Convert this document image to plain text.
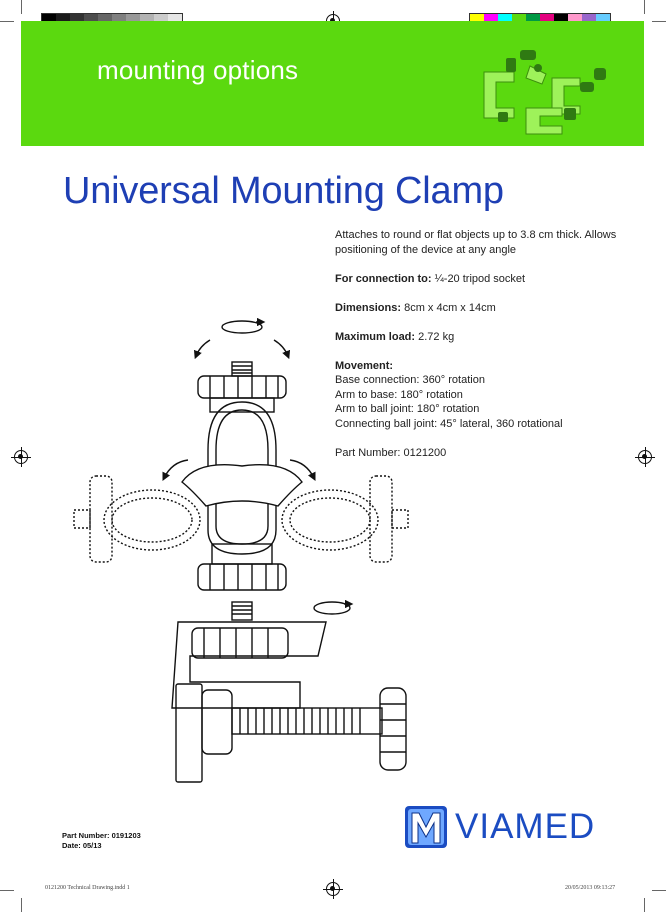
mounting options
Universal Mounting Clamp

Attaches to round or flat objects up to 3.8 cm thick. Allows positioning of the device at any angle

For connection to: ¼-20 tripod socket

Dimensions: 8cm x 4cm x 14cm

Maximum load: 2.72 kg

Movement:

Base connection: 360° rotation

Arm to base: 180° rotation

Arm to ball joint: 180° rotation

Connecting ball joint: 45° lateral, 360 rotational

Part Number: 0121200

Part Number: 0191203
Date: 05/13	VIAMED
0121200 Technical Drawing.indd 1	20/05/2013 09:13:27
